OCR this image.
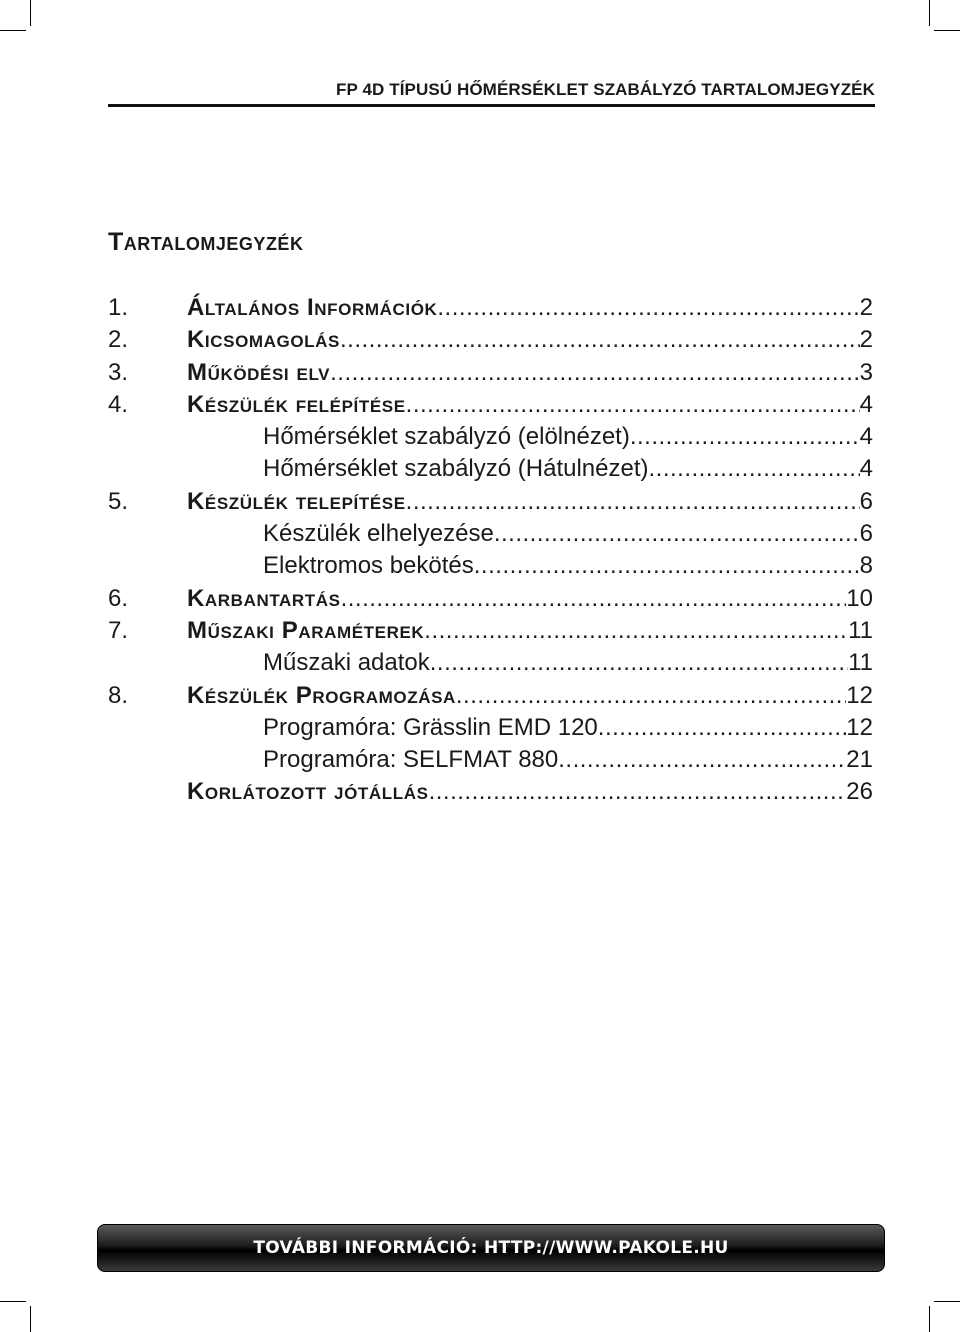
FP 4D TÍPUSÚ HŐMÉRSÉKLET SZABÁLYZÓ TARTALOMJEGYZÉK
Tartalomjegyzék
1.	Általános Információk .....	2
2.	Kicsomagolás .....	2
3.	Működési elv .....	3
4.	Készülék felépítése .....	4
Hőmérséklet szabályzó (elölnézet) .....	4
Hőmérséklet szabályzó (Hátulnézet) .....	4
5.	Készülék telepítése .....	6
Készülék elhelyezése .....	6
Elektromos bekötés .....	8
6.	Karbantartás .....	10
7.	Műszaki Paraméterek .....	11
Műszaki adatok .....	11
8.	Készülék Programozása .....	12
Programóra: Grässlin EMD 120 .....	12
Programóra: SELFMAT 880 .....	21
Korlátozott jótállás .....	26
TOVÁBBI INFORMÁCIÓ: HTTP://WWW.PAKOLE.HU
